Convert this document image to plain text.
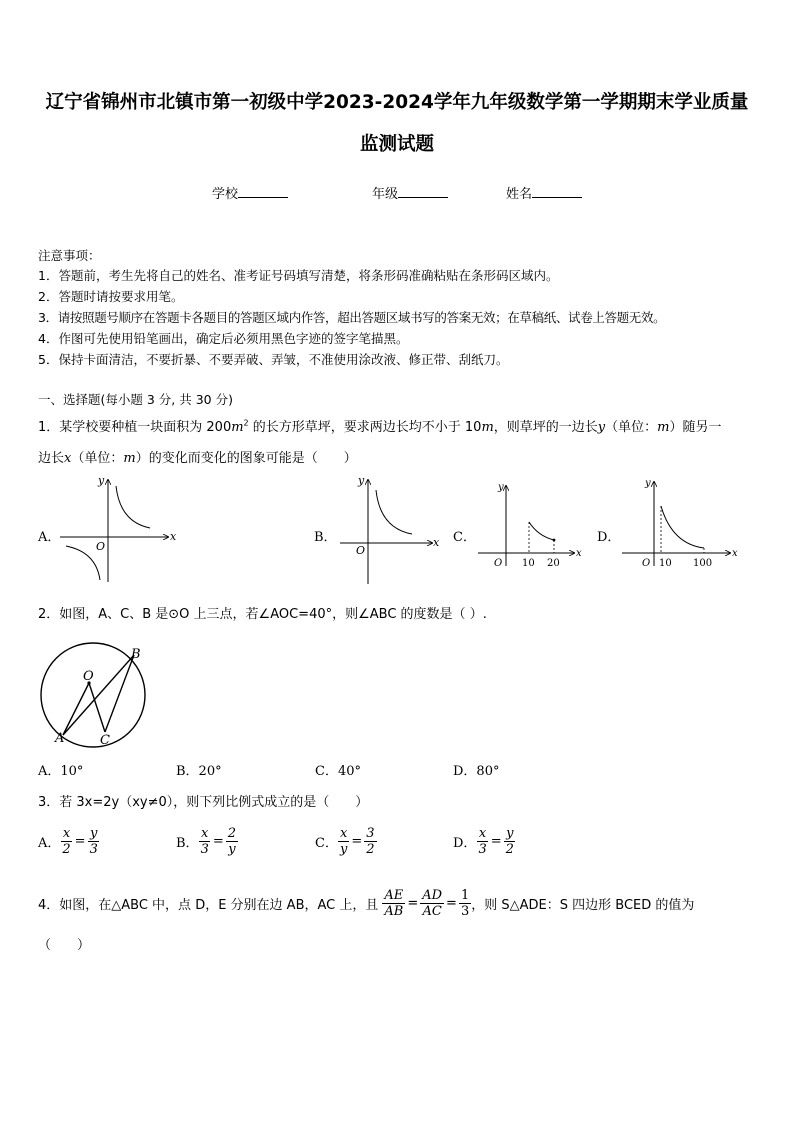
辽宁省锦州市北镇市第一初级中学2023-2024学年九年级数学第一学期期末学业质量
监测试题
学校	年级	姓名
注意事项：
1．答题前，考生先将自己的姓名、准考证号码填写清楚，将条形码准确粘贴在条形码区域内。
2．答题时请按要求用笔。
3．请按照题号顺序在答题卡各题目的答题区域内作答，超出答题区域书写的答案无效；在草稿纸、试卷上答题无效。
4．作图可先使用铅笔画出，确定后必须用黑色字迹的签字笔描黑。
5．保持卡面清洁，不要折暴、不要弄破、弄皱，不准使用涂改液、修正带、刮纸刀。
一、选择题(每小题 3 分, 共 30 分)
1．某学校要种植一块面积为 $200m^2$ 的长方形草坪，要求两边长均不小于 10m，则草坪的一边长y（单位：m）随另一
边长x（单位：m）的变化而变化的图象可能是（　　）
A．	B．	C．	D．
x
y
O	x
y
O	x
y
O 10 20
x
y
O 10 100
2．如图，A、C、B 是⊙O 上三点，若∠AOC=40°，则∠ABC 的度数是（ ）.
O
A	C
B
A．10°	B．20°	C．40°	D．80°
3．若 3x=2y（xy≠0），则下列比例式成立的是（　　）
A． $\frac{x}{2} = \frac{y}{3}$	B． $\frac{x}{3} = \frac{2}{y}$	C． $\frac{x}{y} = \frac{3}{2}$	D． $\frac{x}{3} = \frac{y}{2}$
4．如图，在△ABC 中，点 D，E 分别在边 AB，AC 上，且 $\frac{AE}{AB} = \frac{AD}{AC} = \frac{1}{3}$ ，则 S△ADE：S 四边形 BCED 的值为
（　　）
